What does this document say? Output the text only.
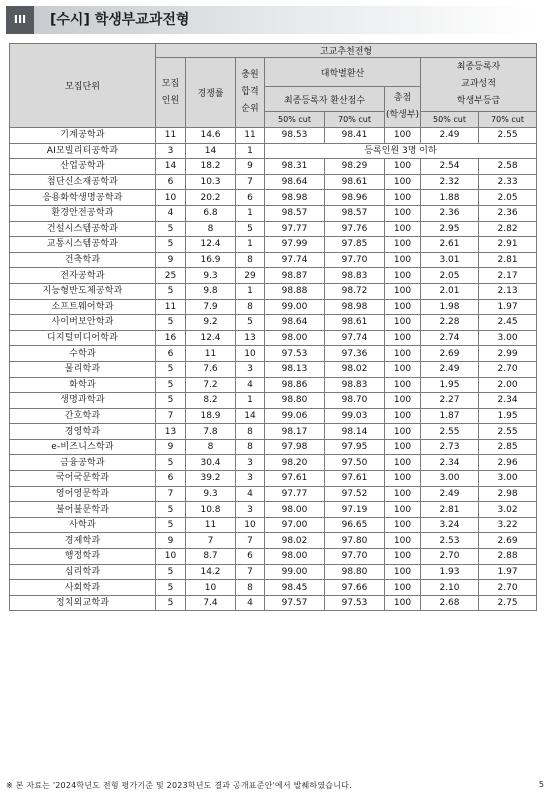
III	[수시] 학생부교과전형
모집단위	고교추천전형							
	모집
인원	경쟁률	충원
합격
순위	대학별환산			최종등록자
교과성적
학생부등급	
				최종등록자 환산점수		총점
(학생부)		
				50% cut	70% cut		50% cut	70% cut
기계공학과	11	14.6	11	98.53	98.41	100	2.49	2.55
AI모빌리티공학과	3	14	1	등록인원 3명 이하				
산업공학과	14	18.2	9	98.31	98.29	100	2.54	2.58
첨단신소재공학과	6	10.3	7	98.64	98.61	100	2.32	2.33
응용화학생명공학과	10	20.2	6	98.98	98.96	100	1.88	2.05
환경안전공학과	4	6.8	1	98.57	98.57	100	2.36	2.36
건설시스템공학과	5	8	5	97.77	97.76	100	2.95	2.82
교통시스템공학과	5	12.4	1	97.99	97.85	100	2.61	2.91
건축학과	9	16.9	8	97.74	97.70	100	3.01	2.81
전자공학과	25	9.3	29	98.87	98.83	100	2.05	2.17
지능형반도체공학과	5	9.8	1	98.88	98.72	100	2.01	2.13
소프트웨어학과	11	7.9	8	99.00	98.98	100	1.98	1.97
사이버보안학과	5	9.2	5	98.64	98.61	100	2.28	2.45
디지털미디어학과	16	12.4	13	98.00	97.74	100	2.74	3.00
수학과	6	11	10	97.53	97.36	100	2.69	2.99
물리학과	5	7.6	3	98.13	98.02	100	2.49	2.70
화학과	5	7.2	4	98.86	98.83	100	1.95	2.00
생명과학과	5	8.2	1	98.80	98.70	100	2.27	2.34
간호학과	7	18.9	14	99.06	99.03	100	1.87	1.95
경영학과	13	7.8	8	98.17	98.14	100	2.55	2.55
e-비즈니스학과	9	8	8	97.98	97.95	100	2.73	2.85
금융공학과	5	30.4	3	98.20	97.50	100	2.34	2.96
국어국문학과	6	39.2	3	97.61	97.61	100	3.00	3.00
영어영문학과	7	9.3	4	97.77	97.52	100	2.49	2.98
불어불문학과	5	10.8	3	98.00	97.19	100	2.81	3.02
사학과	5	11	10	97.00	96.65	100	3.24	3.22
경제학과	9	7	7	98.02	97.80	100	2.53	2.69
행정학과	10	8.7	6	98.00	97.70	100	2.70	2.88
심리학과	5	14.2	7	99.00	98.80	100	1.93	1.97
사회학과	5	10	8	98.45	97.66	100	2.10	2.70
정치외교학과	5	7.4	4	97.57	97.53	100	2.68	2.75
※ 본 자료는 '2024학년도 전형 평가기준 및 2023학년도 결과 공개표준안'에서 발췌하였습니다.	5
